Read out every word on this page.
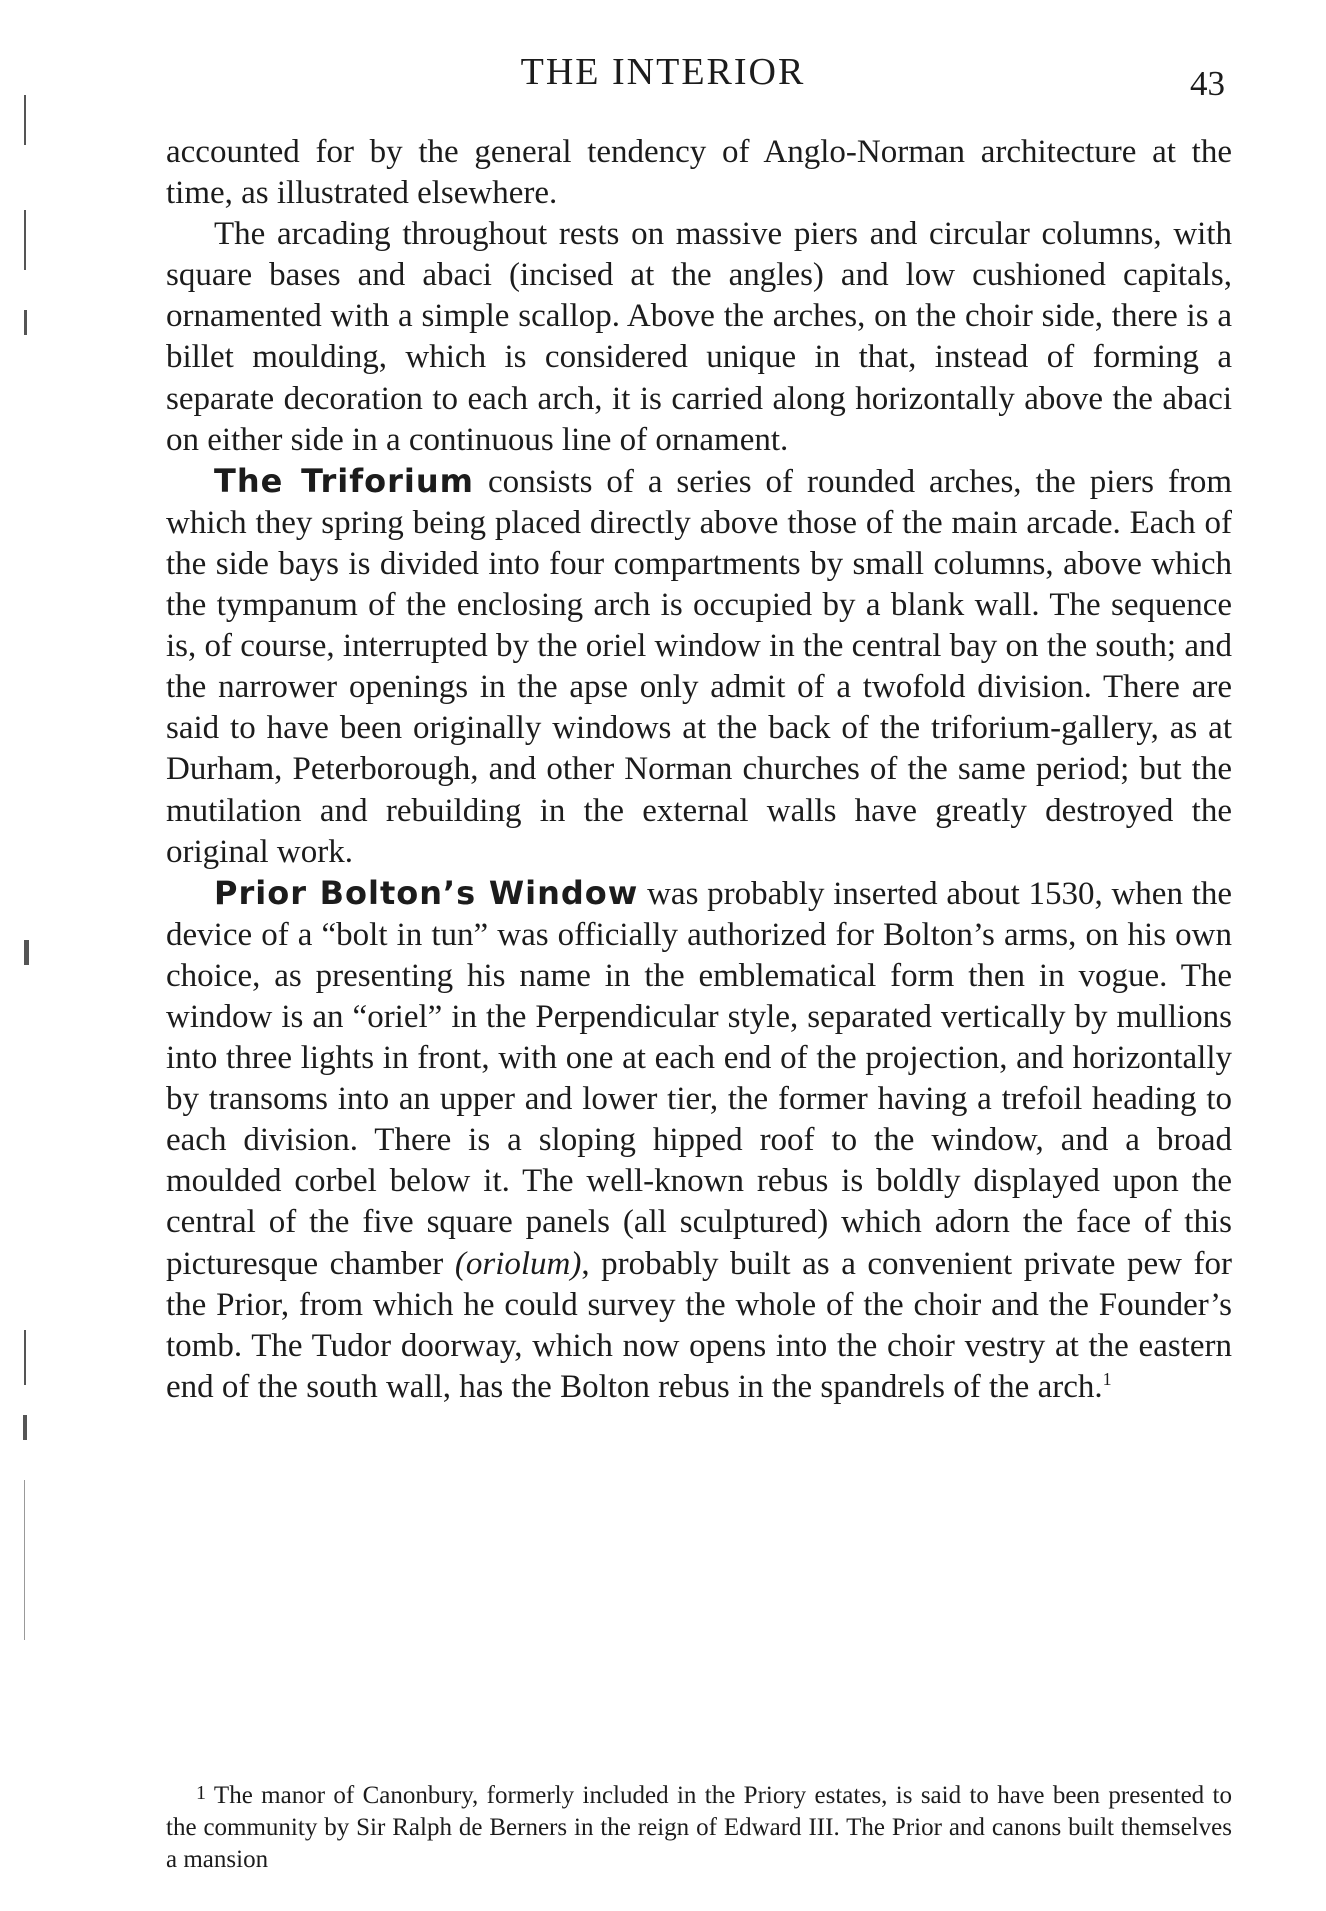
THE INTERIOR	43

accounted for by the general tendency of Anglo-Norman architecture at the time, as illustrated elsewhere.

The arcading throughout rests on massive piers and circular columns, with square bases and abaci (incised at the angles) and low cushioned capitals, ornamented with a simple scallop. Above the arches, on the choir side, there is a billet moulding, which is considered unique in that, instead of forming a separate decoration to each arch, it is carried along horizontally above the abaci on either side in a continuous line of ornament.

The Triforium consists of a series of rounded arches, the piers from which they spring being placed directly above those of the main arcade. Each of the side bays is divided into four compartments by small columns, above which the tympanum of the enclosing arch is occupied by a blank wall. The sequence is, of course, interrupted by the oriel window in the central bay on the south; and the narrower openings in the apse only admit of a twofold division. There are said to have been originally windows at the back of the triforium-gallery, as at Durham, Peterborough, and other Norman churches of the same period; but the mutilation and rebuilding in the external walls have greatly destroyed the original work.

Prior Bolton’s Window was probably inserted about 1530, when the device of a “bolt in tun” was officially authorized for Bolton’s arms, on his own choice, as presenting his name in the emblematical form then in vogue. The window is an “oriel” in the Perpendicular style, separated vertically by mullions into three lights in front, with one at each end of the projection, and horizontally by transoms into an upper and lower tier, the former having a trefoil heading to each division. There is a sloping hipped roof to the window, and a broad moulded corbel below it. The well-known rebus is boldly displayed upon the central of the five square panels (all sculptured) which adorn the face of this picturesque chamber (oriolum), probably built as a convenient private pew for the Prior, from which he could survey the whole of the choir and the Founder’s tomb. The Tudor doorway, which now opens into the choir vestry at the eastern end of the south wall, has the Bolton rebus in the spandrels of the arch.$^1$

1 The manor of Canonbury, formerly included in the Priory estates, is said to have been presented to the community by Sir Ralph de Berners in the reign of Edward III. The Prior and canons built themselves a mansion
